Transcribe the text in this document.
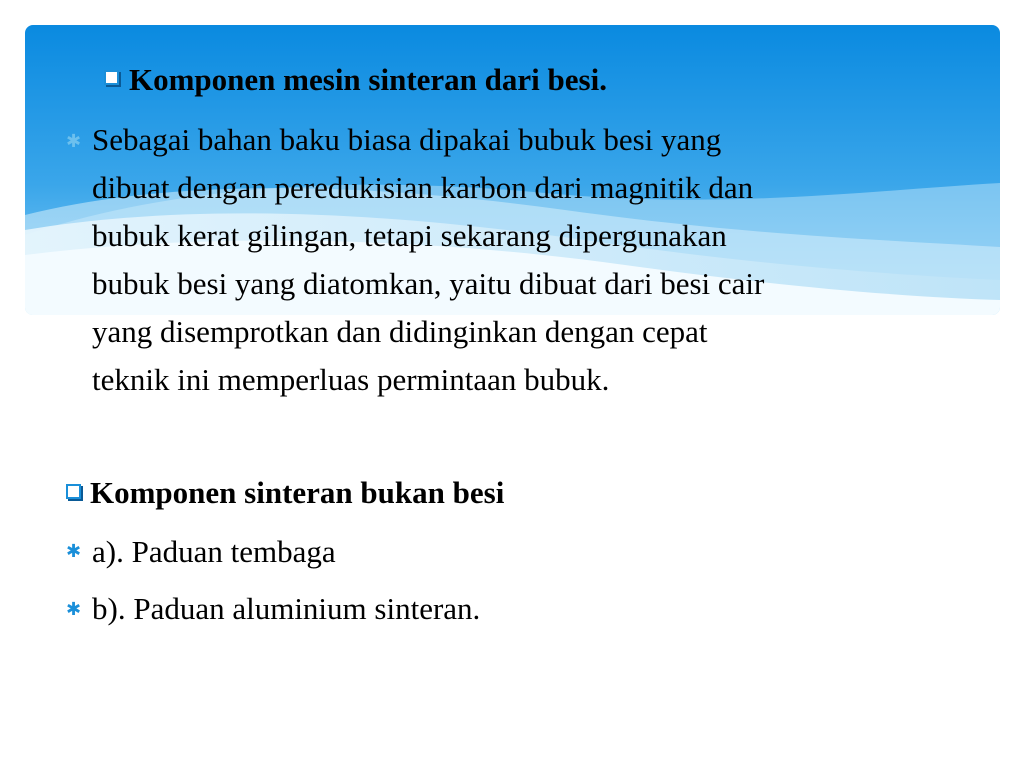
Komponen mesin sinteran dari besi.
✱ Sebagai bahan baku biasa dipakai bubuk besi yang
dibuat dengan peredukisian karbon dari magnitik dan
bubuk kerat gilingan, tetapi sekarang dipergunakan
bubuk besi yang diatomkan, yaitu dibuat dari besi cair
yang disemprotkan dan didinginkan dengan cepat
teknik ini memperluas permintaan bubuk.
Komponen sinteran bukan besi
✱ a). Paduan tembaga
✱ b). Paduan aluminium sinteran.
